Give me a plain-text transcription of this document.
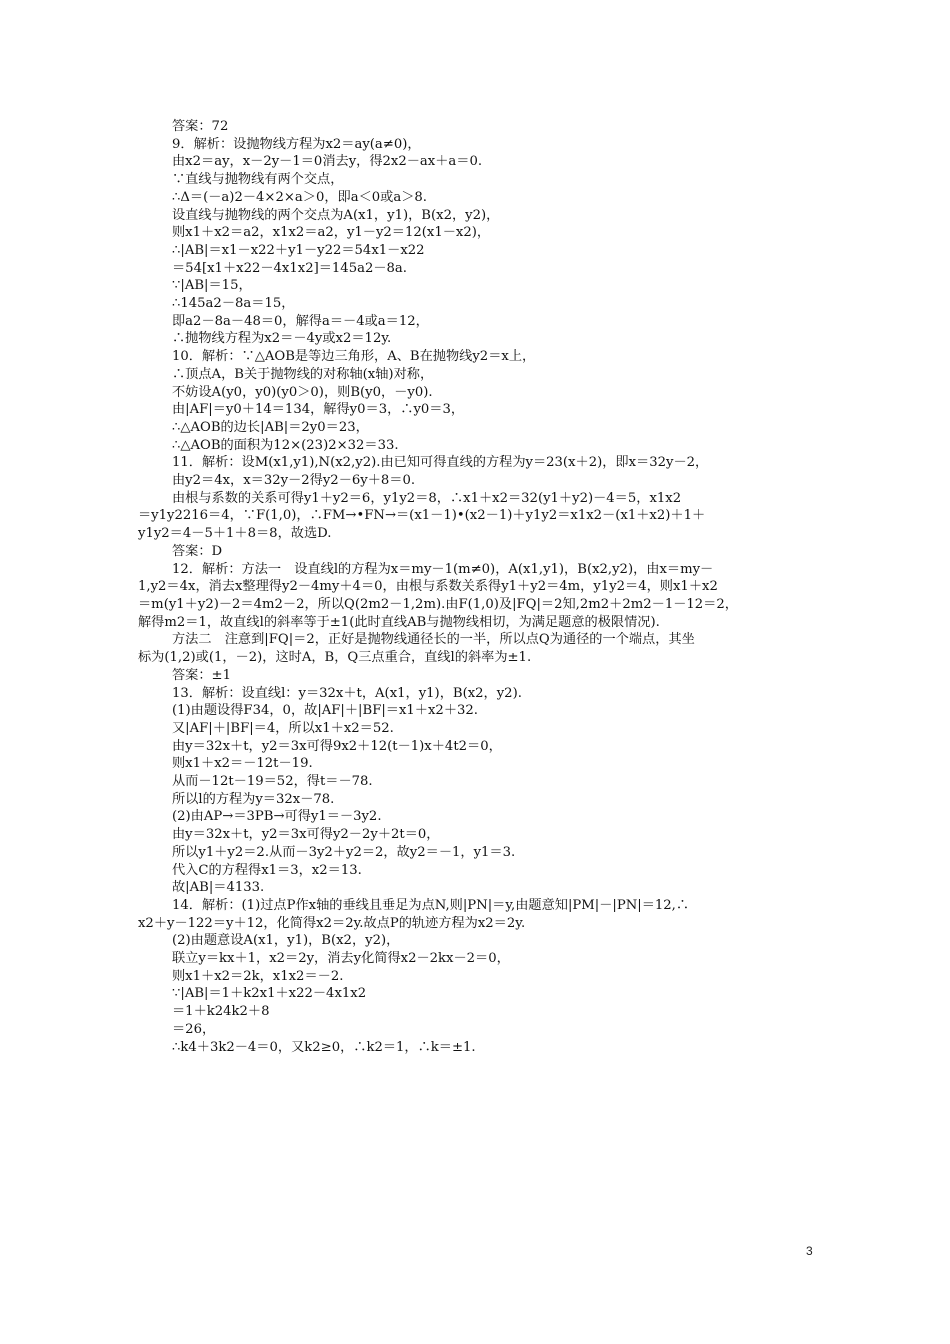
答案：72
9．解析：设抛物线方程为x2＝ay(a≠0)，
由x2＝ay，x－2y－1＝0消去y，得2x2－ax＋a＝0.
∵直线与抛物线有两个交点，
∴Δ＝(－a)2－4×2×a＞0，即a＜0或a＞8.
设直线与抛物线的两个交点为A(x1，y1)，B(x2，y2)，
则x1＋x2＝a2，x1x2＝a2，y1－y2＝12(x1－x2)，
∴|AB|＝x1－x22＋y1－y22＝54x1－x22
＝54[x1＋x22－4x1x2]＝145a2－8a.
∵|AB|＝15，
∴145a2－8a＝15，
即a2－8a－48＝0，解得a＝－4或a＝12，
∴抛物线方程为x2＝－4y或x2＝12y.
10．解析：∵△AOB是等边三角形，A、B在抛物线y2＝x上，
∴顶点A，B关于抛物线的对称轴(x轴)对称，
不妨设A(y0，y0)(y0＞0)，则B(y0，－y0).
由|AF|＝y0＋14＝134，解得y0＝3，∴y0＝3，
∴△AOB的边长|AB|＝2y0＝23，
∴△AOB的面积为12×(23)2×32＝33.
11．解析：设M(x1,y1),N(x2,y2).由已知可得直线的方程为y＝23(x＋2)，即x＝32y－2，
由y2＝4x，x＝32y－2得y2－6y＋8＝0.
由根与系数的关系可得y1＋y2＝6，y1y2＝8，∴x1＋x2＝32(y1＋y2)－4＝5，x1x2
＝y1y2216＝4，∵F(1,0)，∴FM→•FN→＝(x1－1)•(x2－1)＋y1y2＝x1x2－(x1＋x2)＋1＋
y1y2＝4－5＋1＋8＝8，故选D.
答案：D
12．解析：方法一　设直线l的方程为x＝my－1(m≠0)，A(x1,y1)，B(x2,y2)，由x＝my－
1,y2＝4x，消去x整理得y2－4my＋4＝0，由根与系数关系得y1＋y2＝4m，y1y2＝4，则x1＋x2
＝m(y1＋y2)－2＝4m2－2，所以Q(2m2－1,2m).由F(1,0)及|FQ|＝2知,2m2＋2m2－1－12＝2，
解得m2＝1，故直线l的斜率等于±1(此时直线AB与抛物线相切，为满足题意的极限情况).
方法二　注意到|FQ|＝2，正好是抛物线通径长的一半，所以点Q为通径的一个端点，其坐
标为(1,2)或(1，－2)，这时A，B，Q三点重合，直线l的斜率为±1.
答案：±1
13．解析：设直线l：y＝32x＋t，A(x1，y1)，B(x2，y2).
(1)由题设得F34，0，故|AF|＋|BF|＝x1＋x2＋32.
又|AF|＋|BF|＝4，所以x1＋x2＝52.
由y＝32x＋t，y2＝3x可得9x2＋12(t－1)x＋4t2＝0，
则x1＋x2＝－12t－19.
从而－12t－19＝52，得t＝－78.
所以l的方程为y＝32x－78.
(2)由AP→＝3PB→可得y1＝－3y2.
由y＝32x＋t，y2＝3x可得y2－2y＋2t＝0，
所以y1＋y2＝2.从而－3y2＋y2＝2，故y2＝－1，y1＝3.
代入C的方程得x1＝3，x2＝13.
故|AB|＝4133.
14．解析：(1)过点P作x轴的垂线且垂足为点N,则|PN|＝y,由题意知|PM|－|PN|＝12,∴
x2＋y－122＝y＋12，化简得x2＝2y.故点P的轨迹方程为x2＝2y.
(2)由题意设A(x1，y1)，B(x2，y2)，
联立y＝kx＋1，x2＝2y，消去y化简得x2－2kx－2＝0，
则x1＋x2＝2k，x1x2＝－2.
∵|AB|＝1＋k2x1＋x22－4x1x2
＝1＋k24k2＋8
＝26，
∴k4＋3k2－4＝0，又k2≥0，∴k2＝1，∴k＝±1.
3
